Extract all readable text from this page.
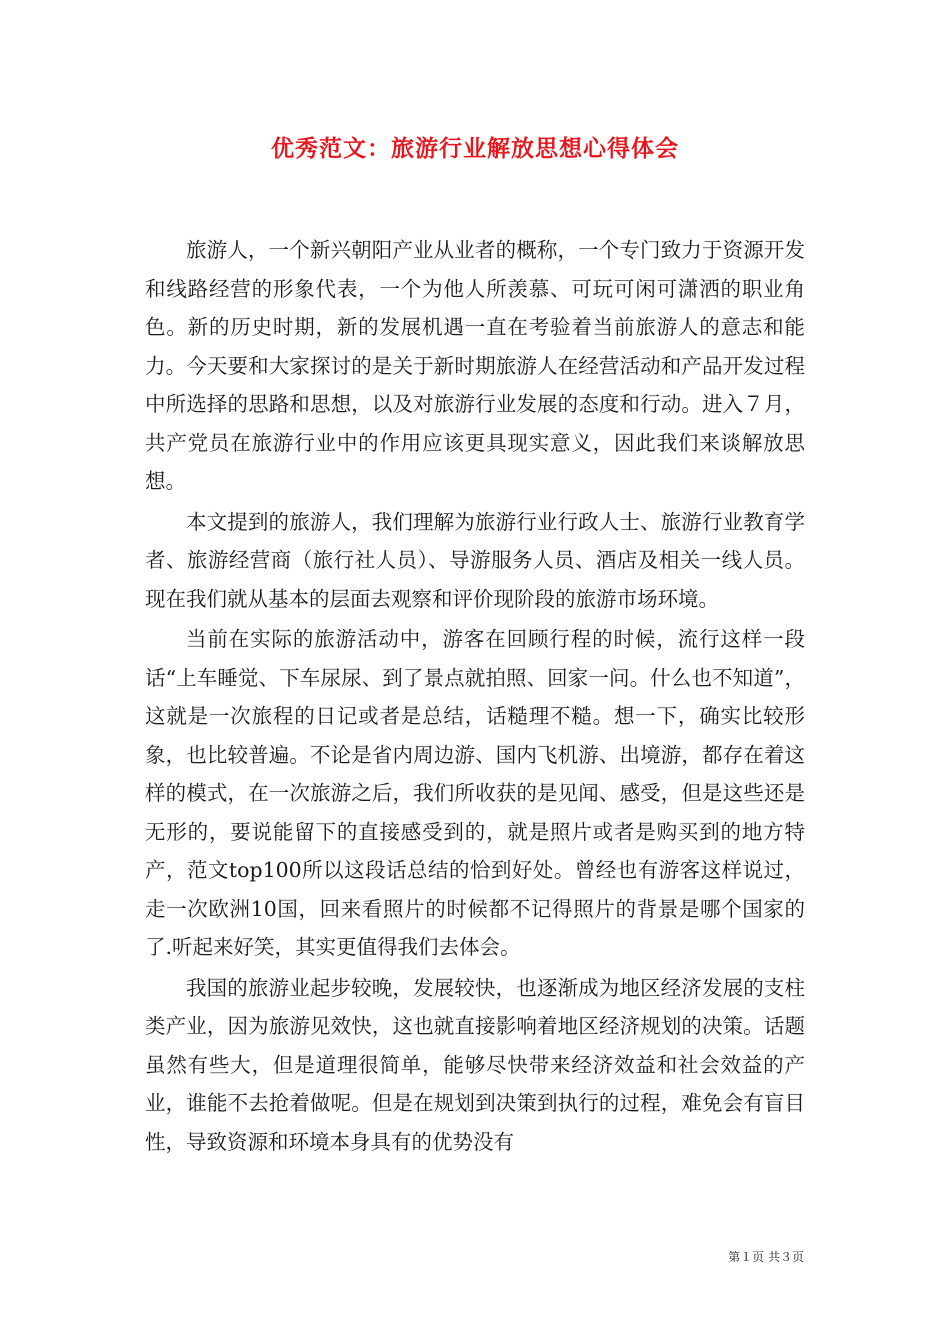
优秀范文：旅游行业解放思想心得体会

旅游人，一个新兴朝阳产业从业者的概称，一个专门致力于资源开发和线路经营的形象代表，一个为他人所羡慕、可玩可闲可潇洒的职业角色。新的历史时期，新的发展机遇一直在考验着当前旅游人的意志和能力。今天要和大家探讨的是关于新时期旅游人在经营活动和产品开发过程中所选择的思路和思想，以及对旅游行业发展的态度和行动。进入７月，共产党员在旅游行业中的作用应该更具现实意义，因此我们来谈解放思想。

本文提到的旅游人，我们理解为旅游行业行政人士、旅游行业教育学者、旅游经营商（旅行社人员）、导游服务人员、酒店及相关一线人员。现在我们就从基本的层面去观察和评价现阶段的旅游市场环境。

当前在实际的旅游活动中，游客在回顾行程的时候，流行这样一段话“上车睡觉、下车尿尿、到了景点就拍照、回家一问。什么也不知道”，这就是一次旅程的日记或者是总结，话糙理不糙。想一下，确实比较形象，也比较普遍。不论是省内周边游、国内飞机游、出境游，都存在着这样的模式，在一次旅游之后，我们所收获的是见闻、感受，但是这些还是无形的，要说能留下的直接感受到的，就是照片或者是购买到的地方特产，范文top100所以这段话总结的恰到好处。曾经也有游客这样说过，走一次欧洲10国，回来看照片的时候都不记得照片的背景是哪个国家的了.听起来好笑，其实更值得我们去体会。

我国的旅游业起步较晚，发展较快，也逐渐成为地区经济发展的支柱类产业，因为旅游见效快，这也就直接影响着地区经济规划的决策。话题虽然有些大，但是道理很简单，能够尽快带来经济效益和社会效益的产业，谁能不去抢着做呢。但是在规划到决策到执行的过程，难免会有盲目性，导致资源和环境本身具有的优势没有

第１页 共３页
